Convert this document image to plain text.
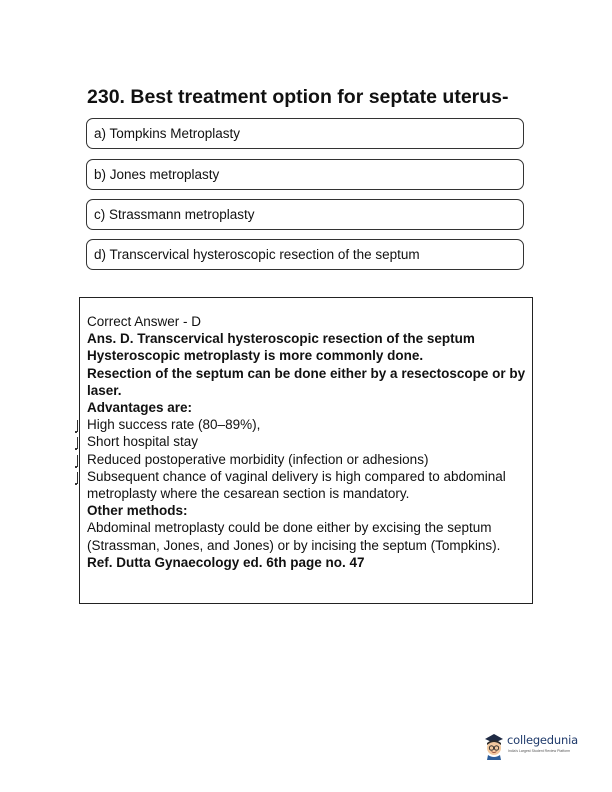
230. Best treatment option for septate uterus-
a) Tompkins Metroplasty
b) Jones metroplasty
c) Strassmann metroplasty
d) Transcervical hysteroscopic resection of the septum
Correct Answer - D
Ans. D. Transcervical hysteroscopic resection of the septum
Hysteroscopic metroplasty is more commonly done.
Resection of the septum can be done either by a resectoscope or by laser.
Advantages are:
High success rate (80–89%),
Short hospital stay
Reduced postoperative morbidity (infection or adhesions)
Subsequent chance of vaginal delivery is high compared to abdominal metroplasty where the cesarean section is mandatory.
Other methods:
Abdominal metroplasty could be done either by excising the septum (Strassman, Jones, and Jones) or by incising the septum (Tompkins).
Ref. Dutta Gynaecology ed. 6th page no. 47
collegedunia
India's Largest Student Review Platform
